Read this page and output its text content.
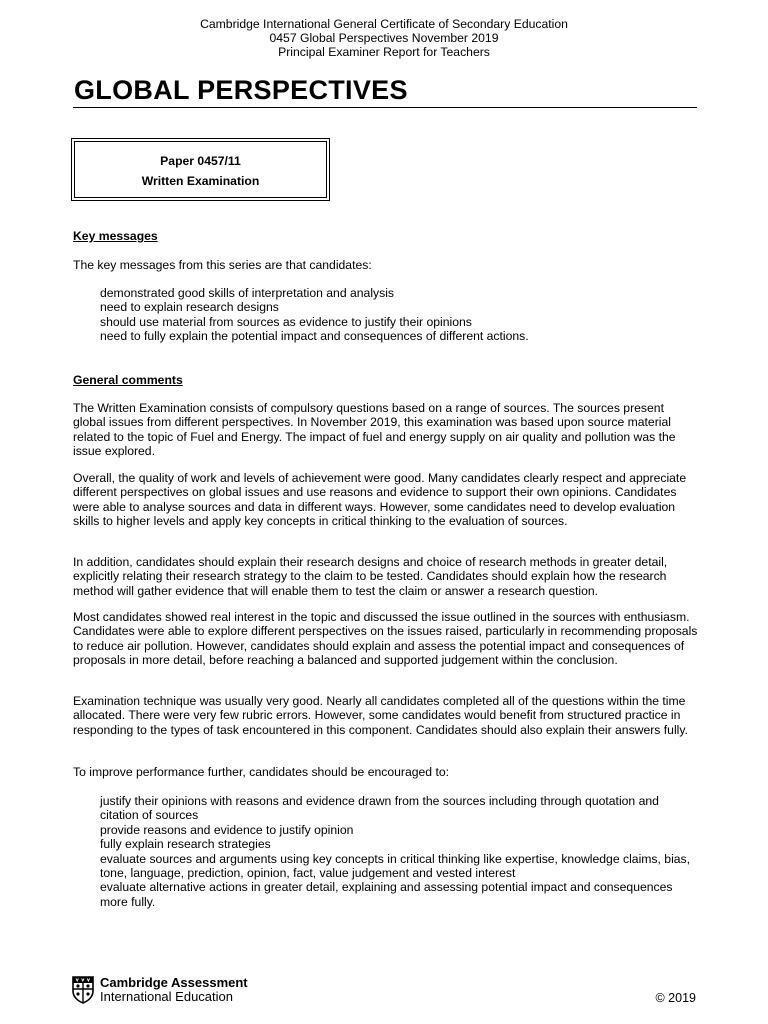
Cambridge International General Certificate of Secondary Education
0457 Global Perspectives November 2019
Principal Examiner Report for Teachers
GLOBAL PERSPECTIVES
Paper 0457/11
Written Examination
Key messages

The key messages from this series are that candidates:

demonstrated good skills of interpretation and analysis
need to explain research designs
should use material from sources as evidence to justify their opinions
need to fully explain the potential impact and consequences of different actions.
General comments

The Written Examination consists of compulsory questions based on a range of sources. The sources present global issues from different perspectives. In November 2019, this examination was based upon source material related to the topic of Fuel and Energy. The impact of fuel and energy supply on air quality and pollution was the issue explored.

Overall, the quality of work and levels of achievement were good. Many candidates clearly respect and appreciate different perspectives on global issues and use reasons and evidence to support their own opinions. Candidates were able to analyse sources and data in different ways. However, some candidates need to develop evaluation skills to higher levels and apply key concepts in critical thinking to the evaluation of sources.

In addition, candidates should explain their research designs and choice of research methods in greater detail, explicitly relating their research strategy to the claim to be tested. Candidates should explain how the research method will gather evidence that will enable them to test the claim or answer a research question.

Most candidates showed real interest in the topic and discussed the issue outlined in the sources with enthusiasm. Candidates were able to explore different perspectives on the issues raised, particularly in recommending proposals to reduce air pollution. However, candidates should explain and assess the potential impact and consequences of proposals in more detail, before reaching a balanced and supported judgement within the conclusion.

Examination technique was usually very good. Nearly all candidates completed all of the questions within the time allocated. There were very few rubric errors. However, some candidates would benefit from structured practice in responding to the types of task encountered in this component. Candidates should also explain their answers fully.

To improve performance further, candidates should be encouraged to:

justify their opinions with reasons and evidence drawn from the sources including through quotation and citation of sources
provide reasons and evidence to justify opinion
fully explain research strategies
evaluate sources and arguments using key concepts in critical thinking like expertise, knowledge claims, bias, tone, language, prediction, opinion, fact, value judgement and vested interest
evaluate alternative actions in greater detail, explaining and assessing potential impact and consequences more fully.
Cambridge Assessment
International Education	© 2019
